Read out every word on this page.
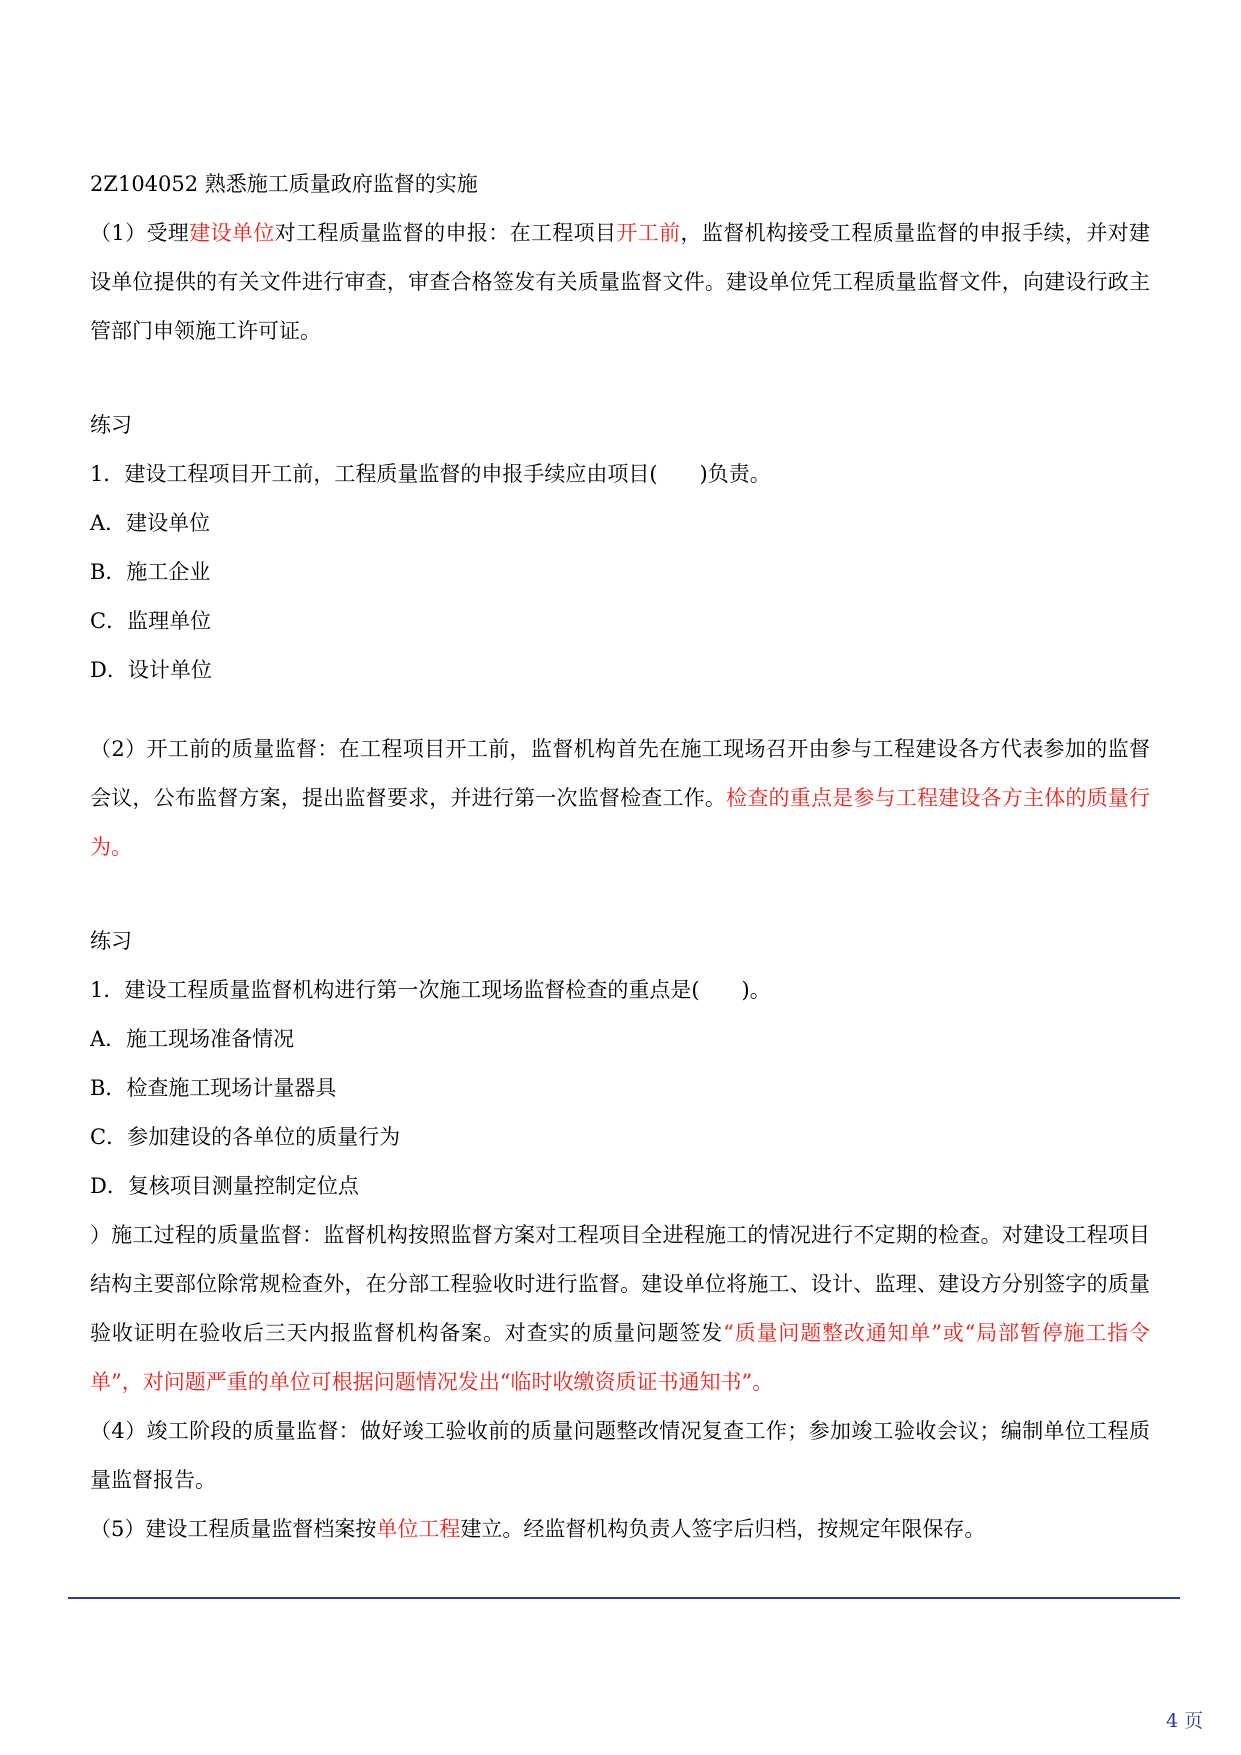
2Z104052 熟悉施工质量政府监督的实施

（1）受理建设单位对工程质量监督的申报：在工程项目开工前，监督机构接受工程质量监督的申报手续，并对建设单位提供的有关文件进行审查，审查合格签发有关质量监督文件。建设单位凭工程质量监督文件，向建设行政主管部门申领施工许可证。

练习

1．建设工程项目开工前，工程质量监督的申报手续应由项目(　　)负责。

A．建设单位

B．施工企业

C．监理单位

D．设计单位

（2）开工前的质量监督：在工程项目开工前，监督机构首先在施工现场召开由参与工程建设各方代表参加的监督会议，公布监督方案，提出监督要求，并进行第一次监督检查工作。检查的重点是参与工程建设各方主体的质量行为。

练习

1．建设工程质量监督机构进行第一次施工现场监督检查的重点是(　　)。

A．施工现场准备情况

B．检查施工现场计量器具

C．参加建设的各单位的质量行为

D．复核项目测量控制定位点

）施工过程的质量监督：监督机构按照监督方案对工程项目全进程施工的情况进行不定期的检查。对建设工程项目结构主要部位除常规检查外，在分部工程验收时进行监督。建设单位将施工、设计、监理、建设方分别签字的质量验收证明在验收后三天内报监督机构备案。对查实的质量问题签发“质量问题整改通知单”或“局部暂停施工指令单”，对问题严重的单位可根据问题情况发出“临时收缴资质证书通知书”。

（4）竣工阶段的质量监督：做好竣工验收前的质量问题整改情况复查工作；参加竣工验收会议；编制单位工程质量监督报告。

（5）建设工程质量监督档案按单位工程建立。经监督机构负责人签字后归档，按规定年限保存。

4 页
